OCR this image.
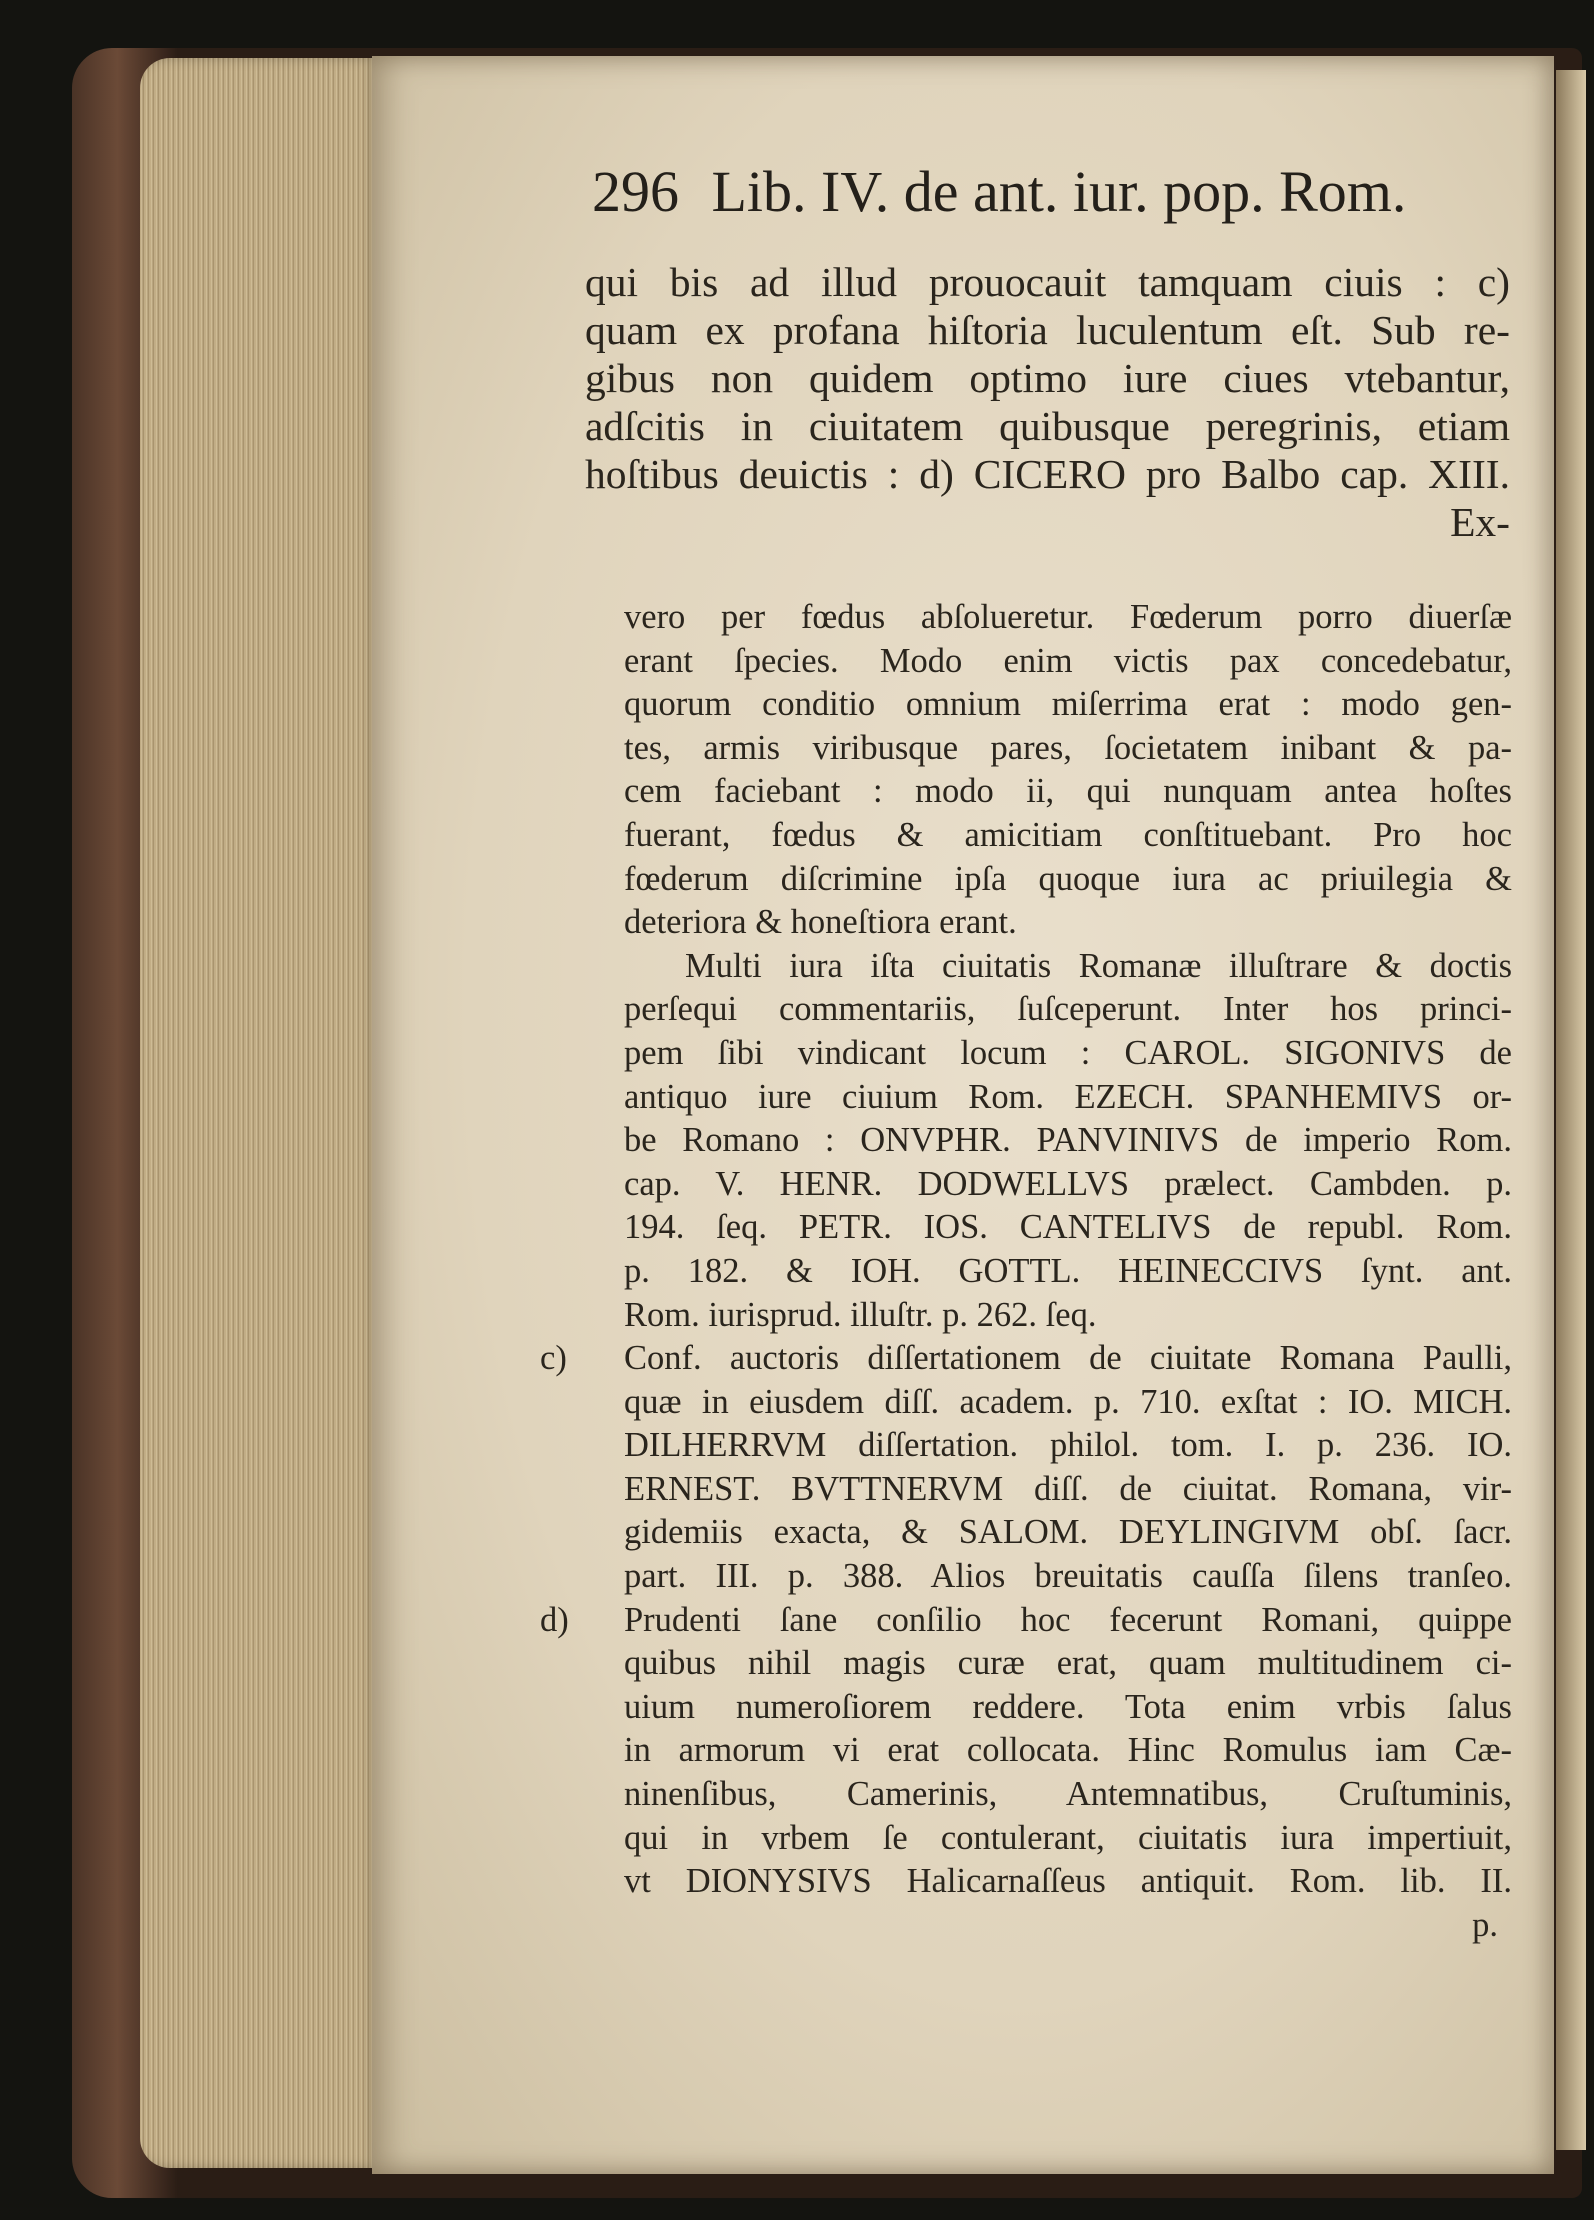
296 Lib. IV. de ant. iur. pop. Rom.
qui bis ad illud prouocauit tamquam ciuis : c)
quam ex profana hiſtoria luculentum eſt. Sub re-
gibus non quidem optimo iure ciues vtebantur,
adſcitis in ciuitatem quibusque peregrinis, etiam
hoſtibus deuictis : d) CICERO pro Balbo cap. XIII.
Ex-
vero per fœdus abſolueretur. Fœderum porro diuerſæ
erant ſpecies. Modo enim victis pax concedebatur,
quorum conditio omnium miſerrima erat : modo gen-
tes, armis viribusque pares, ſocietatem inibant & pa-
cem faciebant : modo ii, qui nunquam antea hoſtes
fuerant, fœdus & amicitiam conſtituebant. Pro hoc
fœderum diſcrimine ipſa quoque iura ac priuilegia &
deteriora & honeſtiora erant.
Multi iura iſta ciuitatis Romanæ illuſtrare & doctis
perſequi commentariis, ſuſceperunt. Inter hos princi-
pem ſibi vindicant locum : CAROL. SIGONIVS de
antiquo iure ciuium Rom. EZECH. SPANHEMIVS or-
be Romano : ONVPHR. PANVINIVS de imperio Rom.
cap. V. HENR. DODWELLVS prælect. Cambden. p.
194. ſeq. PETR. IOS. CANTELIVS de republ. Rom.
p. 182. & IOH. GOTTL. HEINECCIVS ſynt. ant.
Rom. iurisprud. illuſtr. p. 262. ſeq.
c)	Conf. auctoris diſſertationem de ciuitate Romana Paulli,
quæ in eiusdem diſſ. academ. p. 710. exſtat : IO. MICH.
DILHERRVM diſſertation. philol. tom. I. p. 236. IO.
ERNEST. BVTTNERVM diſſ. de ciuitat. Romana, vir-
gidemiis exacta, & SALOM. DEYLINGIVM obſ. ſacr.
part. III. p. 388. Alios breuitatis cauſſa ſilens tranſeo.
d)	Prudenti ſane conſilio hoc fecerunt Romani, quippe
quibus nihil magis curæ erat, quam multitudinem ci-
uium numeroſiorem reddere. Tota enim vrbis ſalus
in armorum vi erat collocata. Hinc Romulus iam Cæ-
ninenſibus, Camerinis, Antemnatibus, Cruſtuminis,
qui in vrbem ſe contulerant, ciuitatis iura impertiuit,
vt DIONYSIVS Halicarnaſſeus antiquit. Rom. lib. II.
p.
